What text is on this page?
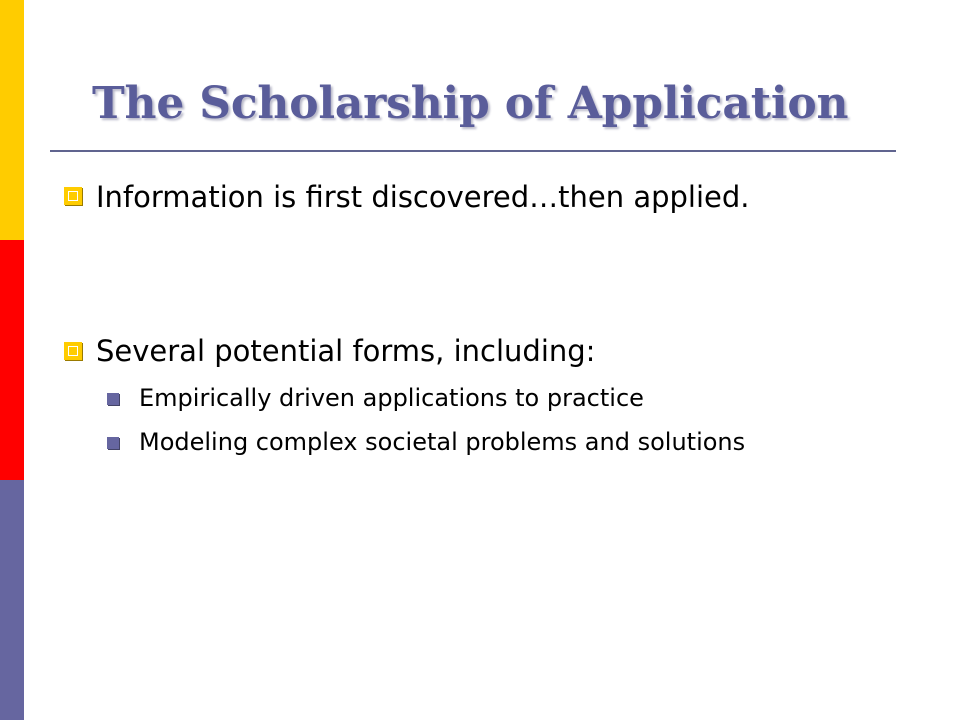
The Scholarship of Application
Information is first discovered…then applied.
Several potential forms, including:
Empirically driven applications to practice
Modeling complex societal problems and solutions
